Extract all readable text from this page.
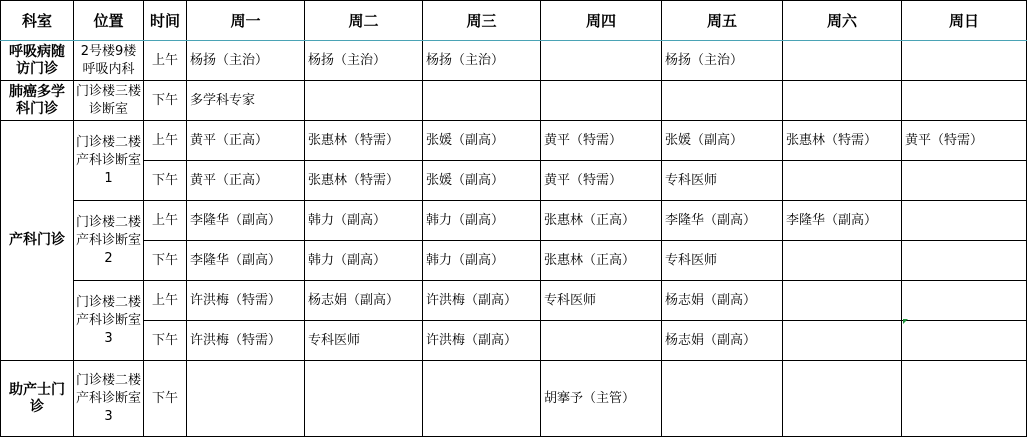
科室	位置	时间	周一	周二	周三	周四	周五	周六	周日
呼吸病随访门诊	2号楼9楼呼吸内科	上午	杨扬（主治）	杨扬（主治）	杨扬（主治）		杨扬（主治）		
肺癌多学科门诊	门诊楼三楼诊断室	下午	多学科专家						
产科门诊	门诊楼二楼产科诊断室1	上午	黄平（正高）	张惠林（特需）	张媛（副高）	黄平（特需）	张媛（副高）	张惠林（特需）	黄平（特需）
		下午	黄平（正高）	张惠林（特需）	张媛（副高）	黄平（特需）	专科医师		
	门诊楼二楼产科诊断室2	上午	李隆华（副高）	韩力（副高）	韩力（副高）	张惠林（正高）	李隆华（副高）	李隆华（副高）	
		下午	李隆华（副高）	韩力（副高）	韩力（副高）	张惠林（正高）	专科医师		
	门诊楼二楼产科诊断室3	上午	许洪梅（特需）	杨志娟（副高）	许洪梅（副高）	专科医师	杨志娟（副高）		
		下午	许洪梅（特需）	专科医师	许洪梅（副高）		杨志娟（副高）		
助产士门诊	门诊楼二楼产科诊断室3	下午				胡搴予（主管）			
